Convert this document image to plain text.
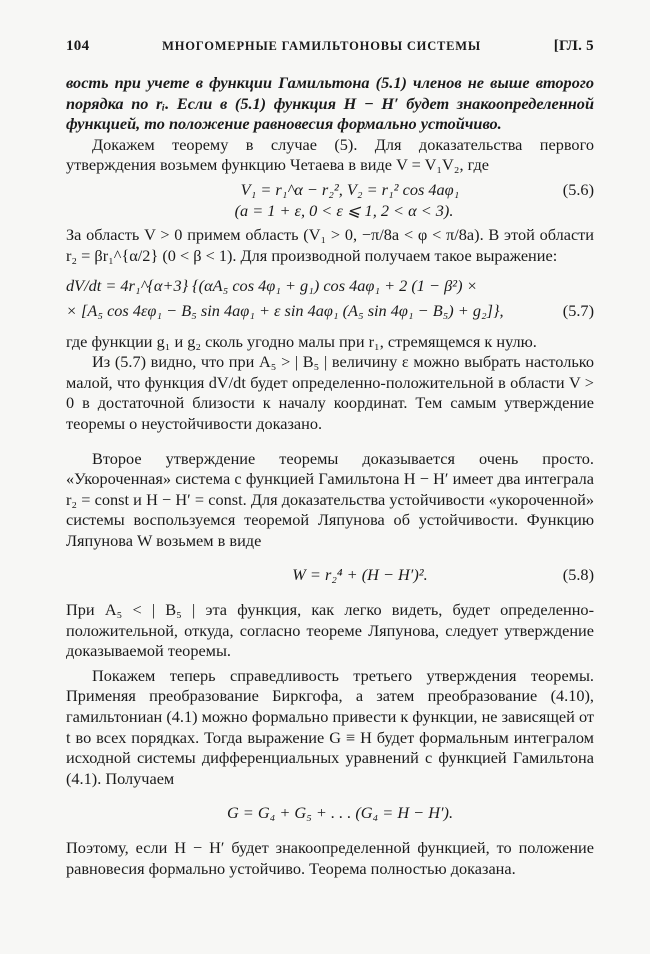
104	МНОГОМЕРНЫЕ ГАМИЛЬТОНОВЫ СИСТЕМЫ	[ГЛ. 5

вость при учете в функции Гамильтона (5.1) членов не выше второго порядка по rᵢ. Если в (5.1) функция H − H′ будет знакоопределенной функцией, то положение равновесия формально устойчиво.

Докажем теорему в случае (5). Для доказательства первого утверждения возьмем функцию Четаева в виде V = V₁V₂, где

V₁ = r₁^α − r₂², V₂ = r₁² cos 4aφ₁	(5.6)
(a = 1 + ε, 0 < ε ⩽ 1, 2 < α < 3).

За область V > 0 примем область (V₁ > 0, −π/8a < φ < π/8a). В этой области r₂ = βr₁^{α/2} (0 < β < 1). Для производной получаем такое выражение:

dV/dt = 4r₁^{α+3} {(αA₅ cos 4φ₁ + g₁) cos 4aφ₁ + 2 (1 − β²) ×
× [A₅ cos 4εφ₁ − B₅ sin 4aφ₁ + ε sin 4aφ₁ (A₅ sin 4φ₁ − B₅) + g₂]},	(5.7)

где функции g₁ и g₂ сколь угодно малы при r₁, стремящемся к нулю.

Из (5.7) видно, что при A₅ > | B₅ | величину ε можно выбрать настолько малой, что функция dV/dt будет определенно-положительной в области V > 0 в достаточной близости к началу координат. Тем самым утверждение теоремы о неустойчивости доказано.

Второе утверждение теоремы доказывается очень просто. «Укороченная» система с функцией Гамильтона H − H′ имеет два интеграла r₂ = const и H − H′ = const. Для доказательства устойчивости «укороченной» системы воспользуемся теоремой Ляпунова об устойчивости. Функцию Ляпунова W возьмем в виде

W = r₂⁴ + (H − H′)².	(5.8)

При A₅ < | B₅ | эта функция, как легко видеть, будет определенно-положительной, откуда, согласно теореме Ляпунова, следует утверждение доказываемой теоремы.

Покажем теперь справедливость третьего утверждения теоремы. Применяя преобразование Биркгофа, а затем преобразование (4.10), гамильтониан (4.1) можно формально привести к функции, не зависящей от t во всех порядках. Тогда выражение G ≡ H будет формальным интегралом исходной системы дифференциальных уравнений с функцией Гамильтона (4.1). Получаем

G = G₄ + G₅ + . . . (G₄ = H − H′).

Поэтому, если H − H′ будет знакоопределенной функцией, то положение равновесия формально устойчиво. Теорема полностью доказана.
